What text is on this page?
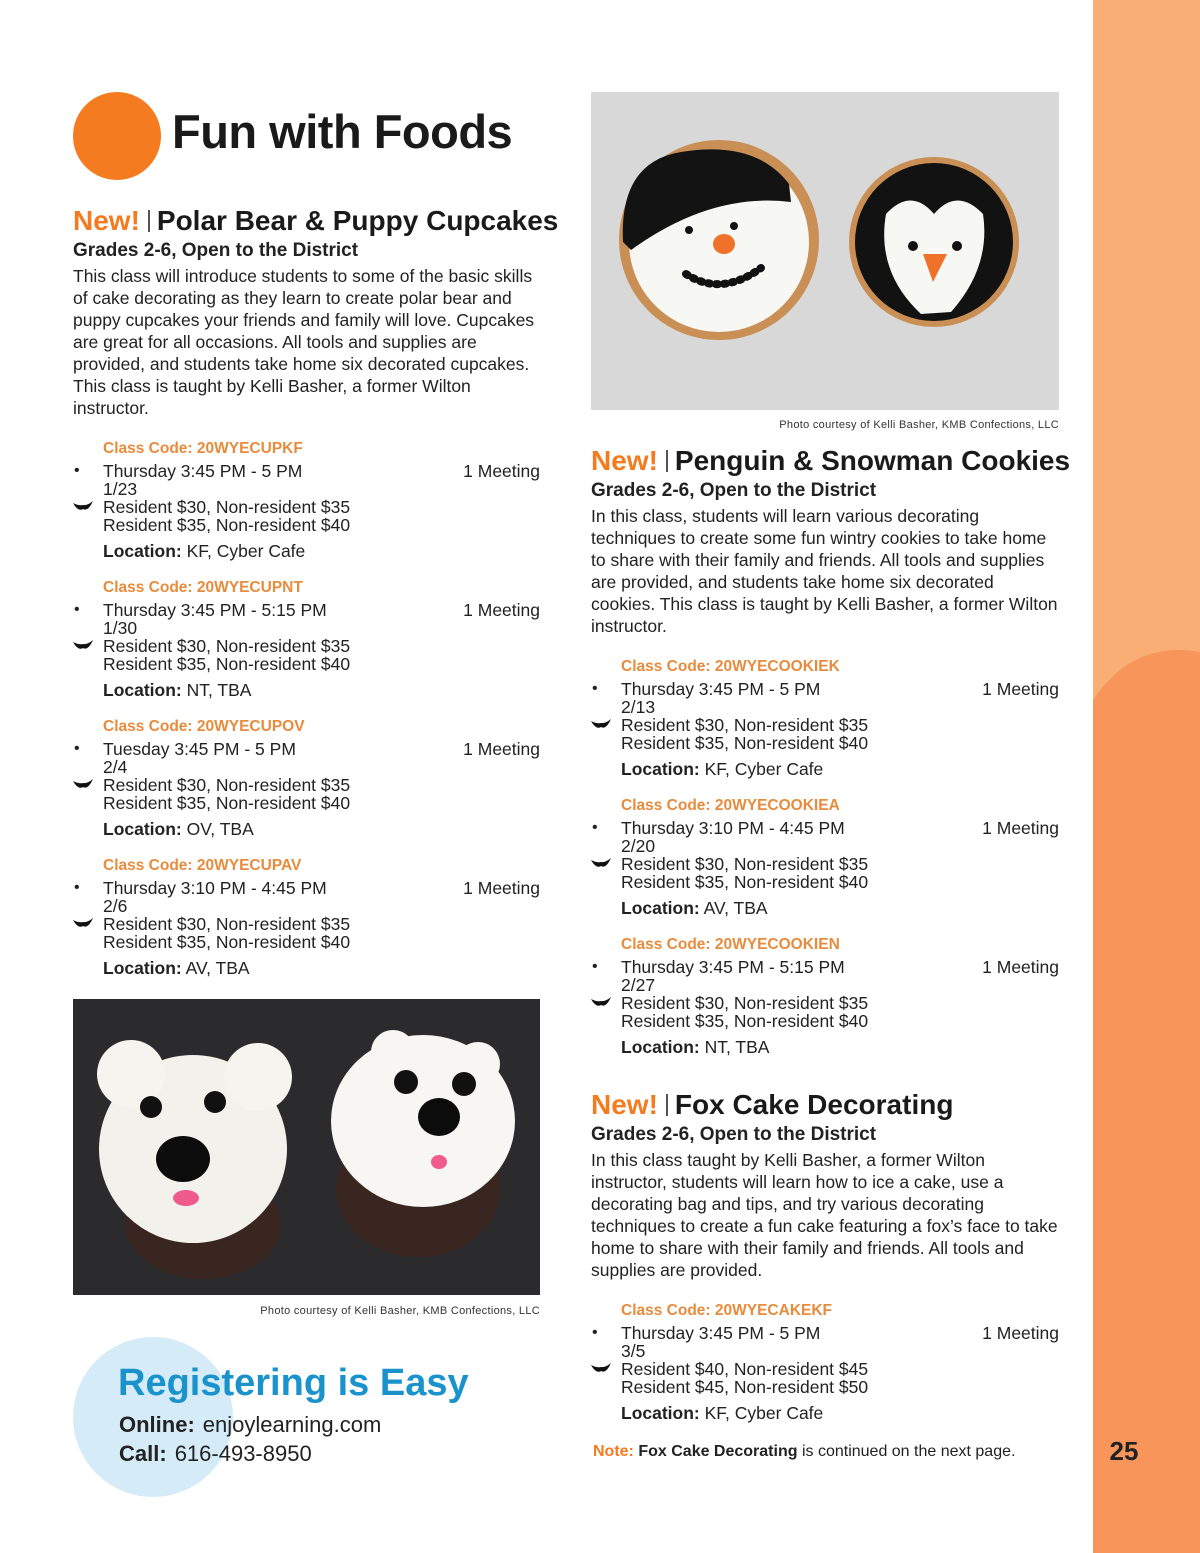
25
Fun with Foods
New! Polar Bear & Puppy Cupcakes
Grades 2-6, Open to the District

This class will introduce students to some of the basic skills of cake decorating as they learn to create polar bear and puppy cupcakes your friends and family will love. Cupcakes are great for all occasions. All tools and supplies are provided, and students take home six decorated cupcakes. This class is taught by Kelli Basher, a former Wilton instructor.

Class Code: 20WYECUPKF
• Thursday 3:45 PM - 5 PM	1 Meeting
1/23
Resident $30, Non-resident $35
Resident $35, Non-resident $40
Location: KF, Cyber Cafe
Class Code: 20WYECUPNT
• Thursday 3:45 PM - 5:15 PM	1 Meeting
1/30
Resident $30, Non-resident $35
Resident $35, Non-resident $40
Location: NT, TBA
Class Code: 20WYECUPOV
• Tuesday 3:45 PM - 5 PM	1 Meeting
2/4
Resident $30, Non-resident $35
Resident $35, Non-resident $40
Location: OV, TBA
Class Code: 20WYECUPAV
• Thursday 3:10 PM - 4:45 PM	1 Meeting
2/6
Resident $30, Non-resident $35
Resident $35, Non-resident $40
Location: AV, TBA
Photo courtesy of Kelli Basher, KMB Confections, LLC
Registering is Easy
Online: enjoylearning.com
Call: 616-493-8950
Photo courtesy of Kelli Basher, KMB Confections, LLC
New! Penguin & Snowman Cookies
Grades 2-6, Open to the District

In this class, students will learn various decorating techniques to create some fun wintry cookies to take home to share with their family and friends. All tools and supplies are provided, and students take home six decorated cookies. This class is taught by Kelli Basher, a former Wilton instructor.

Class Code: 20WYECOOKIEK
• Thursday 3:45 PM - 5 PM	1 Meeting
2/13
Resident $30, Non-resident $35
Resident $35, Non-resident $40
Location: KF, Cyber Cafe
Class Code: 20WYECOOKIEA
• Thursday 3:10 PM - 4:45 PM	1 Meeting
2/20
Resident $30, Non-resident $35
Resident $35, Non-resident $40
Location: AV, TBA
Class Code: 20WYECOOKIEN
• Thursday 3:45 PM - 5:15 PM	1 Meeting
2/27
Resident $30, Non-resident $35
Resident $35, Non-resident $40
Location: NT, TBA
New! Fox Cake Decorating
Grades 2-6, Open to the District

In this class taught by Kelli Basher, a former Wilton instructor, students will learn how to ice a cake, use a decorating bag and tips, and try various decorating techniques to create a fun cake featuring a fox’s face to take home to share with their family and friends. All tools and supplies are provided.

Class Code: 20WYECAKEKF
• Thursday 3:45 PM - 5 PM	1 Meeting
3/5
Resident $40, Non-resident $45
Resident $45, Non-resident $50
Location: KF, Cyber Cafe
Note: Fox Cake Decorating is continued on the next page.
